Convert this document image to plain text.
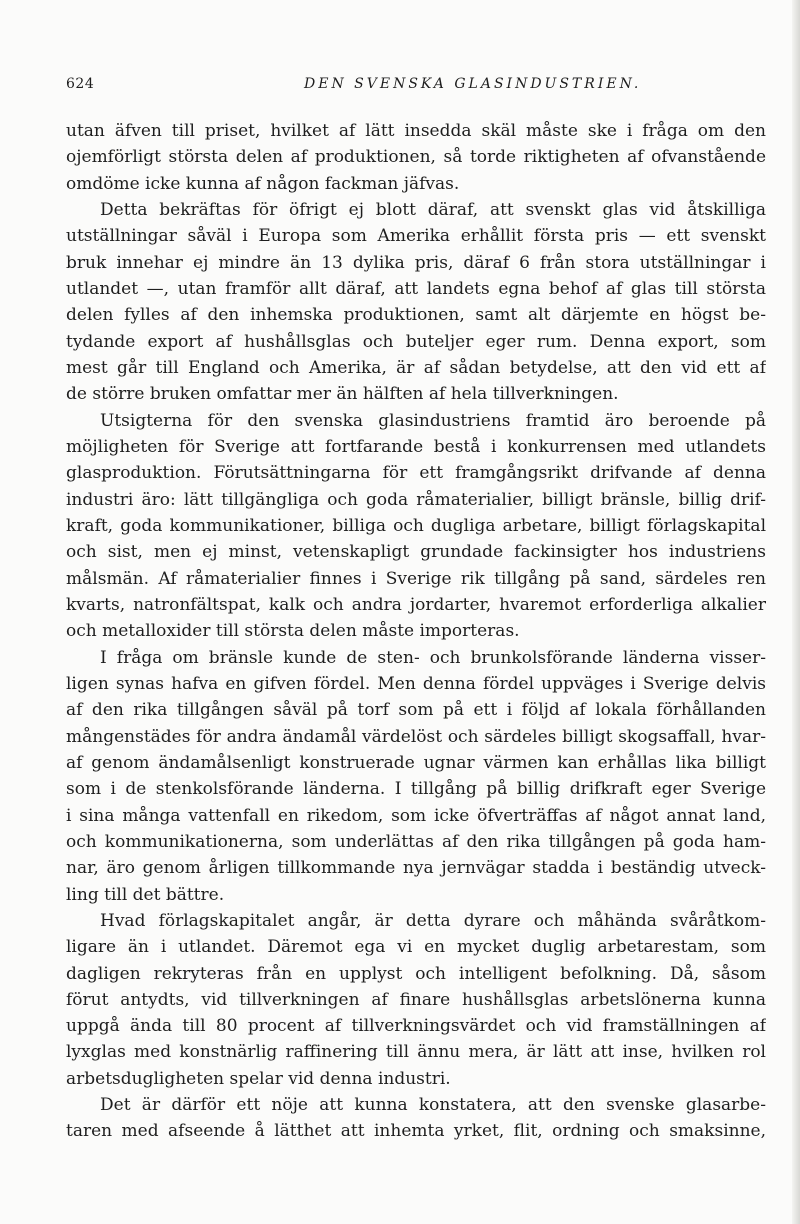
624	DEN SVENSKA GLASINDUSTRIEN.
utan äfven till priset, hvilket af lätt insedda skäl måste ske i fråga om den
ojemförligt största delen af produktionen, så torde riktigheten af ofvanstående
omdöme icke kunna af någon fackman jäfvas.
Detta bekräftas för öfrigt ej blott däraf, att svenskt glas vid åtskilliga
utställningar såväl i Europa som Amerika erhållit första pris — ett svenskt
bruk innehar ej mindre än 13 dylika pris, däraf 6 från stora utställningar i
utlandet —, utan framför allt däraf, att landets egna behof af glas till största
delen fylles af den inhemska produktionen, samt alt därjemte en högst be-
tydande export af hushållsglas och buteljer eger rum. Denna export, som
mest går till England och Amerika, är af sådan betydelse, att den vid ett af
de större bruken omfattar mer än hälften af hela tillverkningen.
Utsigterna för den svenska glasindustriens framtid äro beroende på
möjligheten för Sverige att fortfarande bestå i konkurrensen med utlandets
glasproduktion. Förutsättningarna för ett framgångsrikt drifvande af denna
industri äro: lätt tillgängliga och goda råmaterialier, billigt bränsle, billig drif-
kraft, goda kommunikationer, billiga och dugliga arbetare, billigt förlagskapital
och sist, men ej minst, vetenskapligt grundade fackinsigter hos industriens
målsmän. Af råmaterialier finnes i Sverige rik tillgång på sand, särdeles ren
kvarts, natronfältspat, kalk och andra jordarter, hvaremot erforderliga alkalier
och metalloxider till största delen måste importeras.
I fråga om bränsle kunde de sten- och brunkolsförande länderna visser-
ligen synas hafva en gifven fördel. Men denna fördel uppväges i Sverige delvis
af den rika tillgången såväl på torf som på ett i följd af lokala förhållanden
mångenstädes för andra ändamål värdelöst och särdeles billigt skogsaffall, hvar-
af genom ändamålsenligt konstruerade ugnar värmen kan erhållas lika billigt
som i de stenkolsförande länderna. I tillgång på billig drifkraft eger Sverige
i sina många vattenfall en rikedom, som icke öfverträffas af något annat land,
och kommunikationerna, som underlättas af den rika tillgången på goda ham-
nar, äro genom årligen tillkommande nya jernvägar stadda i beständig utveck-
ling till det bättre.
Hvad förlagskapitalet angår, är detta dyrare och måhända svåråtkom-
ligare än i utlandet. Däremot ega vi en mycket duglig arbetarestam, som
dagligen rekryteras från en upplyst och intelligent befolkning. Då, såsom
förut antydts, vid tillverkningen af finare hushållsglas arbetslönerna kunna
uppgå ända till 80 procent af tillverkningsvärdet och vid framställningen af
lyxglas med konstnärlig raffinering till ännu mera, är lätt att inse, hvilken rol
arbetsdugligheten spelar vid denna industri.
Det är därför ett nöje att kunna konstatera, att den svenske glasarbe-
taren med afseende å lätthet att inhemta yrket, flit, ordning och smaksinne,
